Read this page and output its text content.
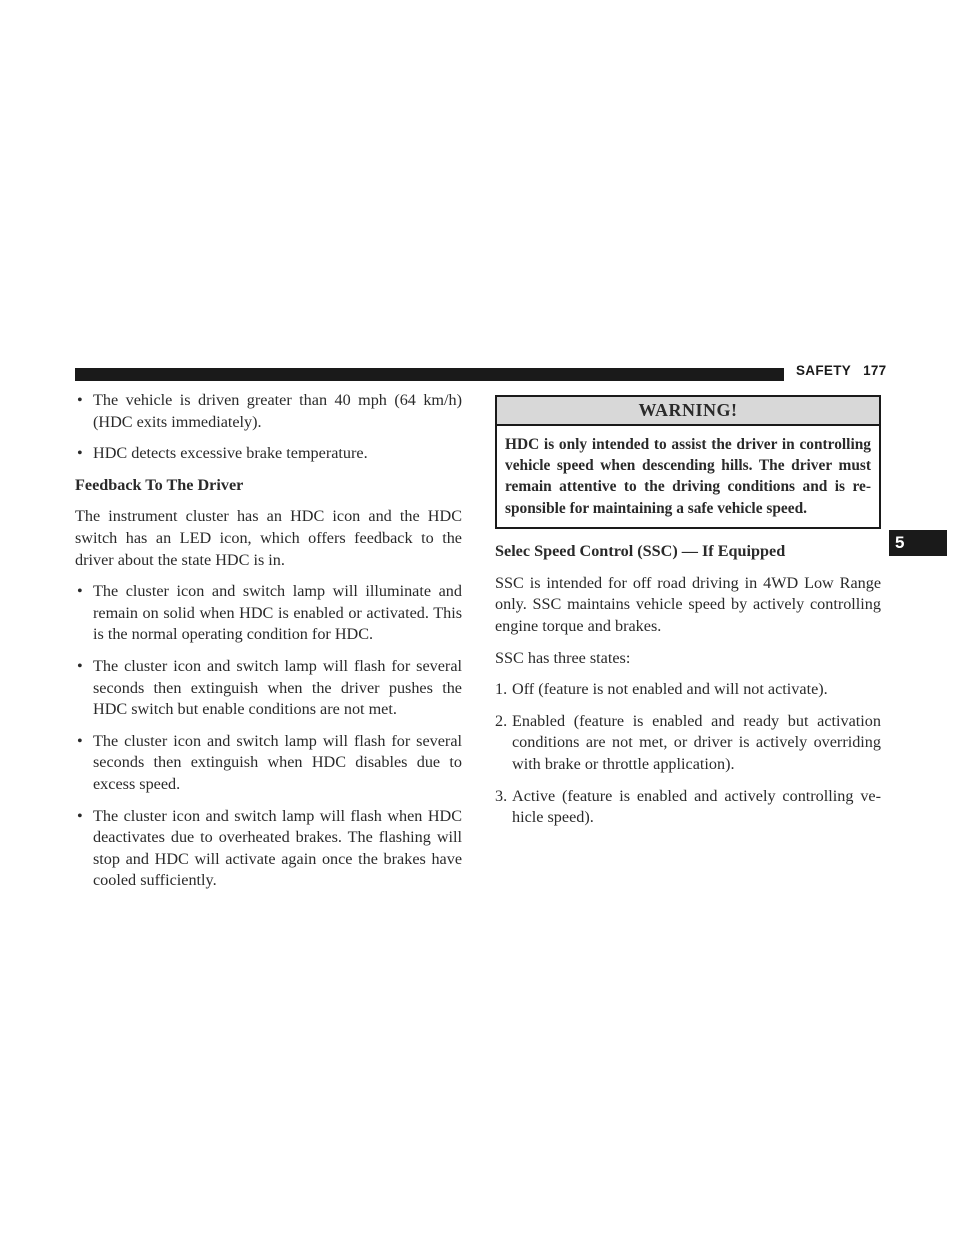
SAFETY 177
5
• The vehicle is driven greater than 40 mph (64 km/h) (HDC exits immediately).
• HDC detects excessive brake temperature.

Feedback To The Driver

The instrument cluster has an HDC icon and the HDC switch has an LED icon, which offers feedback to the driver about the state HDC is in.

• The cluster icon and switch lamp will illuminate and remain on solid when HDC is enabled or activated. This is the normal operating condition for HDC.
• The cluster icon and switch lamp will flash for several seconds then extinguish when the driver pushes the HDC switch but enable conditions are not met.
• The cluster icon and switch lamp will flash for several seconds then extinguish when HDC disables due to excess speed.
• The cluster icon and switch lamp will flash when HDC deactivates due to overheated brakes. The flashing will stop and HDC will activate again once the brakes have cooled sufficiently.
WARNING!
HDC is only intended to assist the driver in controlling vehicle speed when descending hills. The driver must remain attentive to the driving conditions and is re-sponsible for maintaining a safe vehicle speed.

Selec Speed Control (SSC) — If Equipped

SSC is intended for off road driving in 4WD Low Range only. SSC maintains vehicle speed by actively controlling engine torque and brakes.

SSC has three states:

1. Off (feature is not enabled and will not activate).
2. Enabled (feature is enabled and ready but activation conditions are not met, or driver is actively overriding with brake or throttle application).
3. Active (feature is enabled and actively controlling ve-hicle speed).
